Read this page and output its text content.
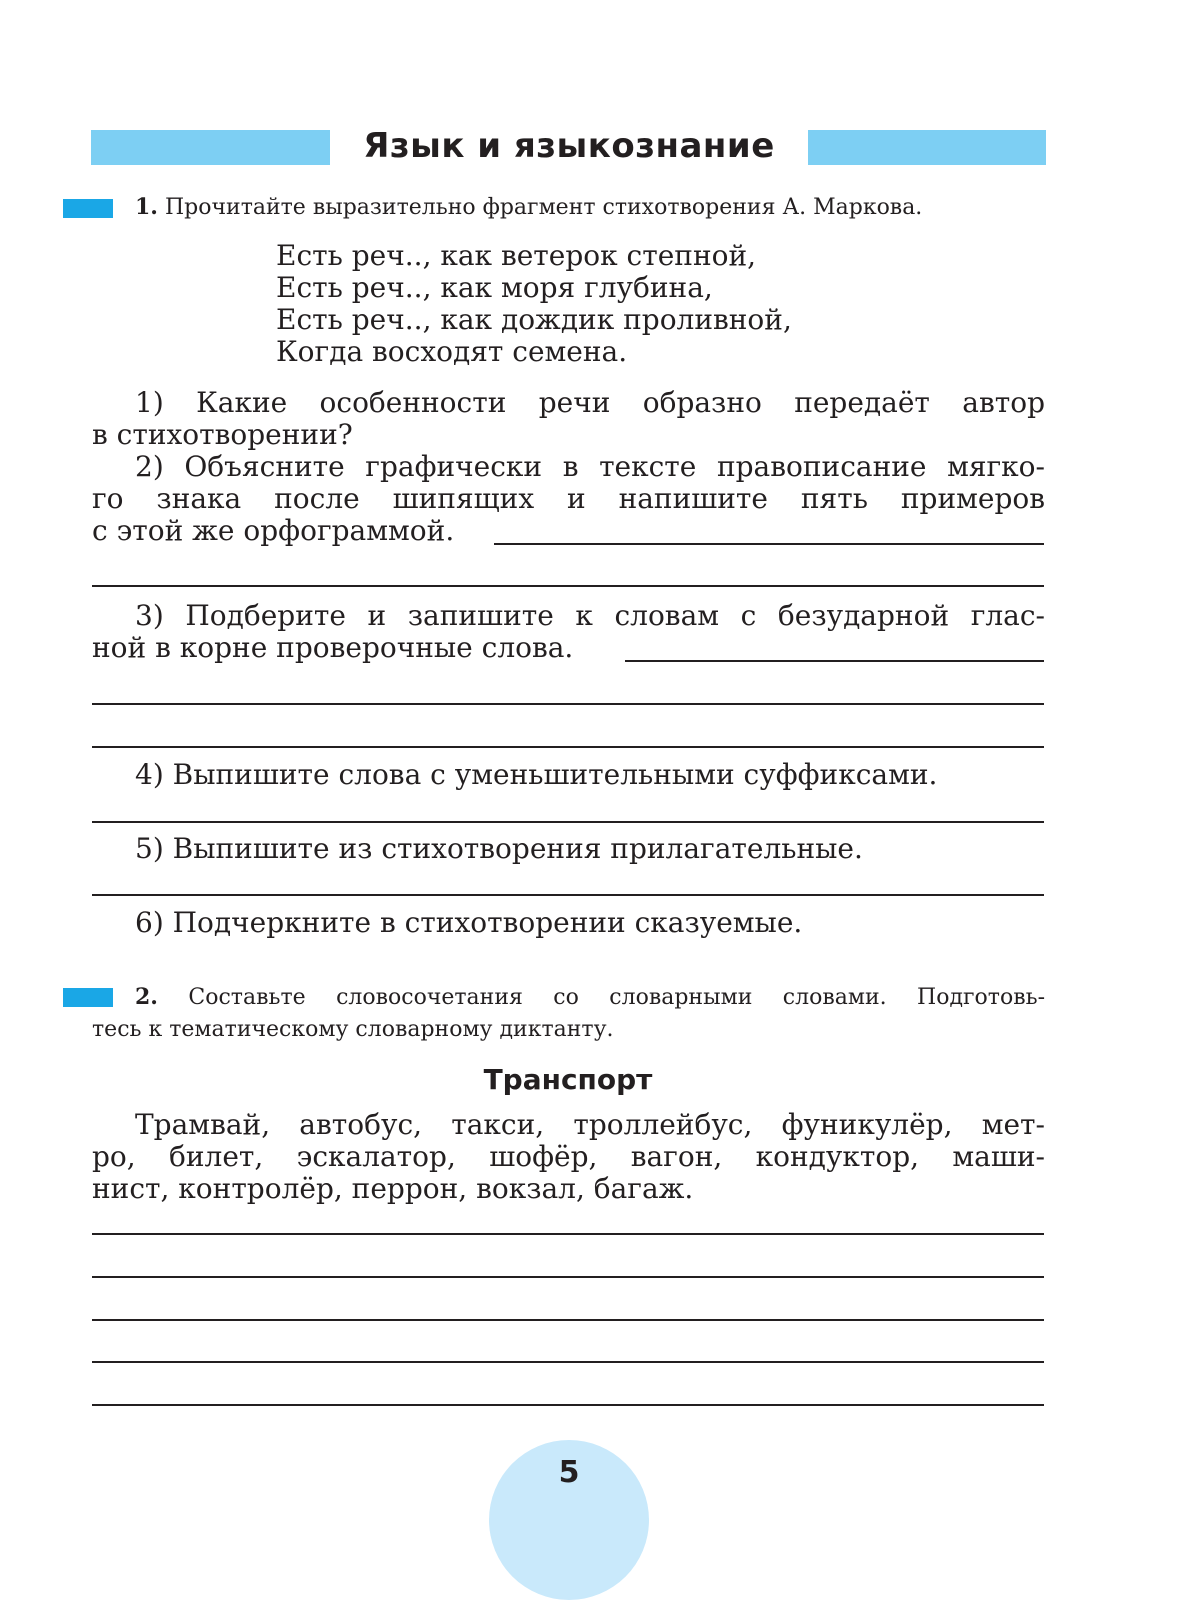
Язык и языкознание
1. Прочитайте выразительно фрагмент стихотворения А. Маркова.
Есть реч.., как ветерок степной,
Есть реч.., как моря глубина,
Есть реч.., как дождик проливной,
Когда восходят семена.
1) Какие особенности речи образно передаёт автор
в стихотворении?
2) Объясните графически в тексте правописание мягко-
го знака после шипящих и напишите пять примеров
с этой же орфограммой.
3) Подберите и запишите к словам с безударной глас-
ной в корне проверочные слова.
4) Выпишите слова с уменьшительными суффиксами.
5) Выпишите из стихотворения прилагательные.
6) Подчеркните в стихотворении сказуемые.
2. Составьте словосочетания со словарными словами. Подготовь-
тесь к тематическому словарному диктанту.
Транспорт
Трамвай, автобус, такси, троллейбус, фуникулёр, мет-
ро, билет, эскалатор, шофёр, вагон, кондуктор, маши-
нист, контролёр, перрон, вокзал, багаж.
5
